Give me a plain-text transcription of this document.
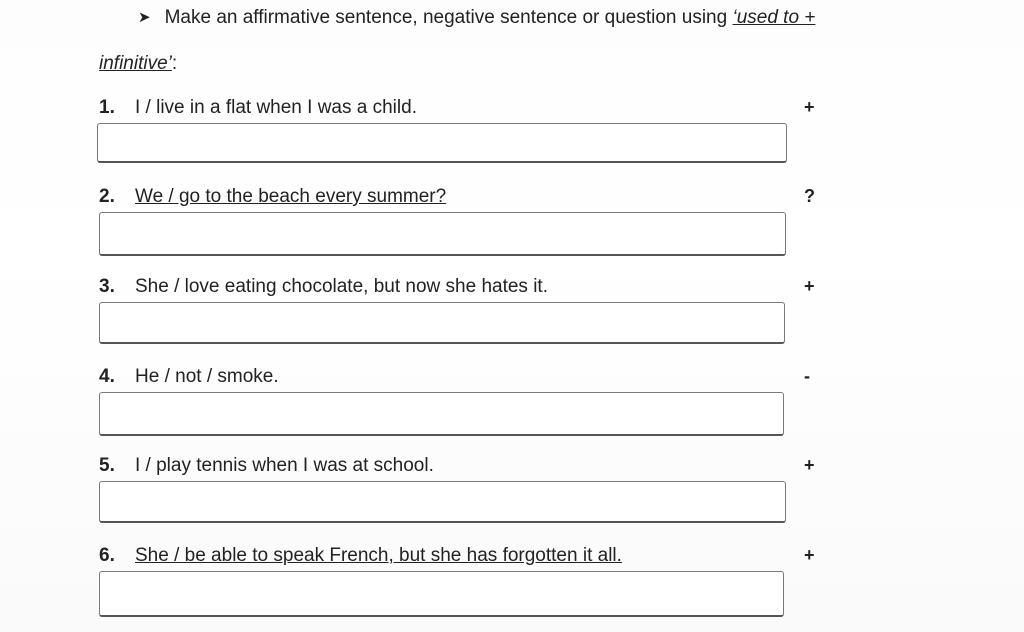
➤ Make an affirmative sentence, negative sentence or question using ‘used to +
infinitive’:
1. I / live in a flat when I was a child.	+
2. We / go to the beach every summer?	?
3. She / love eating chocolate, but now she hates it.	+
4. He / not / smoke.	-
5. I / play tennis when I was at school.	+
6. She / be able to speak French, but she has forgotten it all.	+
